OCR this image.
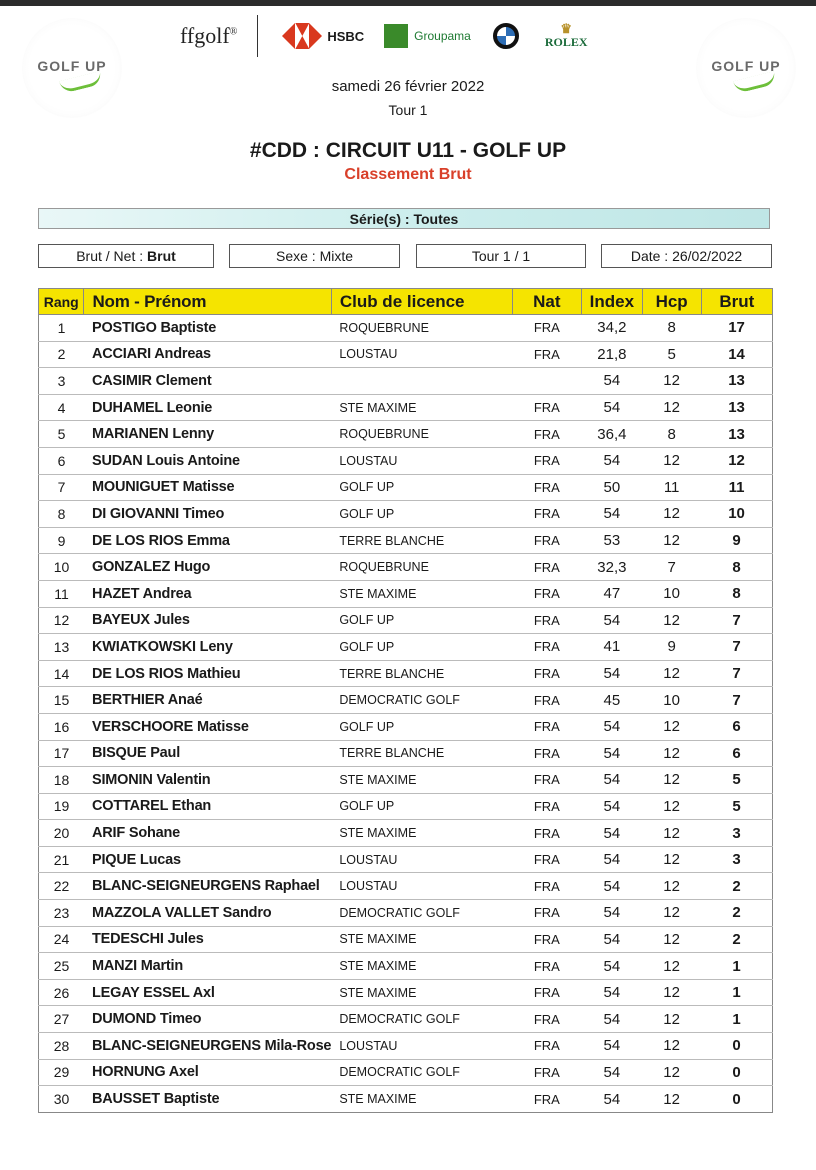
GOLF UP	GOLF UP
ffgolf®	HSBC	Groupama
♛
ROLEX
samedi 26 février 2022
Tour 1
#CDD : CIRCUIT U11 - GOLF UP
Classement Brut
Série(s) : Toutes
Brut / Net : Brut	Sexe : Mixte	Tour 1 / 1	Date : 26/02/2022
Rang	Nom - Prénom	Club de licence	Nat	Index	Hcp	Brut
1	POSTIGO Baptiste	ROQUEBRUNE	FRA	34,2	8	17
2	ACCIARI Andreas	LOUSTAU	FRA	21,8	5	14
3	CASIMIR Clement			54	12	13
4	DUHAMEL Leonie	STE MAXIME	FRA	54	12	13
5	MARIANEN Lenny	ROQUEBRUNE	FRA	36,4	8	13
6	SUDAN Louis Antoine	LOUSTAU	FRA	54	12	12
7	MOUNIGUET Matisse	GOLF UP	FRA	50	11	11
8	DI GIOVANNI Timeo	GOLF UP	FRA	54	12	10
9	DE LOS RIOS Emma	TERRE BLANCHE	FRA	53	12	9
10	GONZALEZ Hugo	ROQUEBRUNE	FRA	32,3	7	8
11	HAZET Andrea	STE MAXIME	FRA	47	10	8
12	BAYEUX Jules	GOLF UP	FRA	54	12	7
13	KWIATKOWSKI Leny	GOLF UP	FRA	41	9	7
14	DE LOS RIOS Mathieu	TERRE BLANCHE	FRA	54	12	7
15	BERTHIER Anaé	DEMOCRATIC GOLF	FRA	45	10	7
16	VERSCHOORE Matisse	GOLF UP	FRA	54	12	6
17	BISQUE Paul	TERRE BLANCHE	FRA	54	12	6
18	SIMONIN Valentin	STE MAXIME	FRA	54	12	5
19	COTTAREL Ethan	GOLF UP	FRA	54	12	5
20	ARIF Sohane	STE MAXIME	FRA	54	12	3
21	PIQUE Lucas	LOUSTAU	FRA	54	12	3
22	BLANC-SEIGNEURGENS Raphael	LOUSTAU	FRA	54	12	2
23	MAZZOLA VALLET Sandro	DEMOCRATIC GOLF	FRA	54	12	2
24	TEDESCHI Jules	STE MAXIME	FRA	54	12	2
25	MANZI Martin	STE MAXIME	FRA	54	12	1
26	LEGAY ESSEL Axl	STE MAXIME	FRA	54	12	1
27	DUMOND Timeo	DEMOCRATIC GOLF	FRA	54	12	1
28	BLANC-SEIGNEURGENS Mila-Rose	LOUSTAU	FRA	54	12	0
29	HORNUNG Axel	DEMOCRATIC GOLF	FRA	54	12	0
30	BAUSSET Baptiste	STE MAXIME	FRA	54	12	0
